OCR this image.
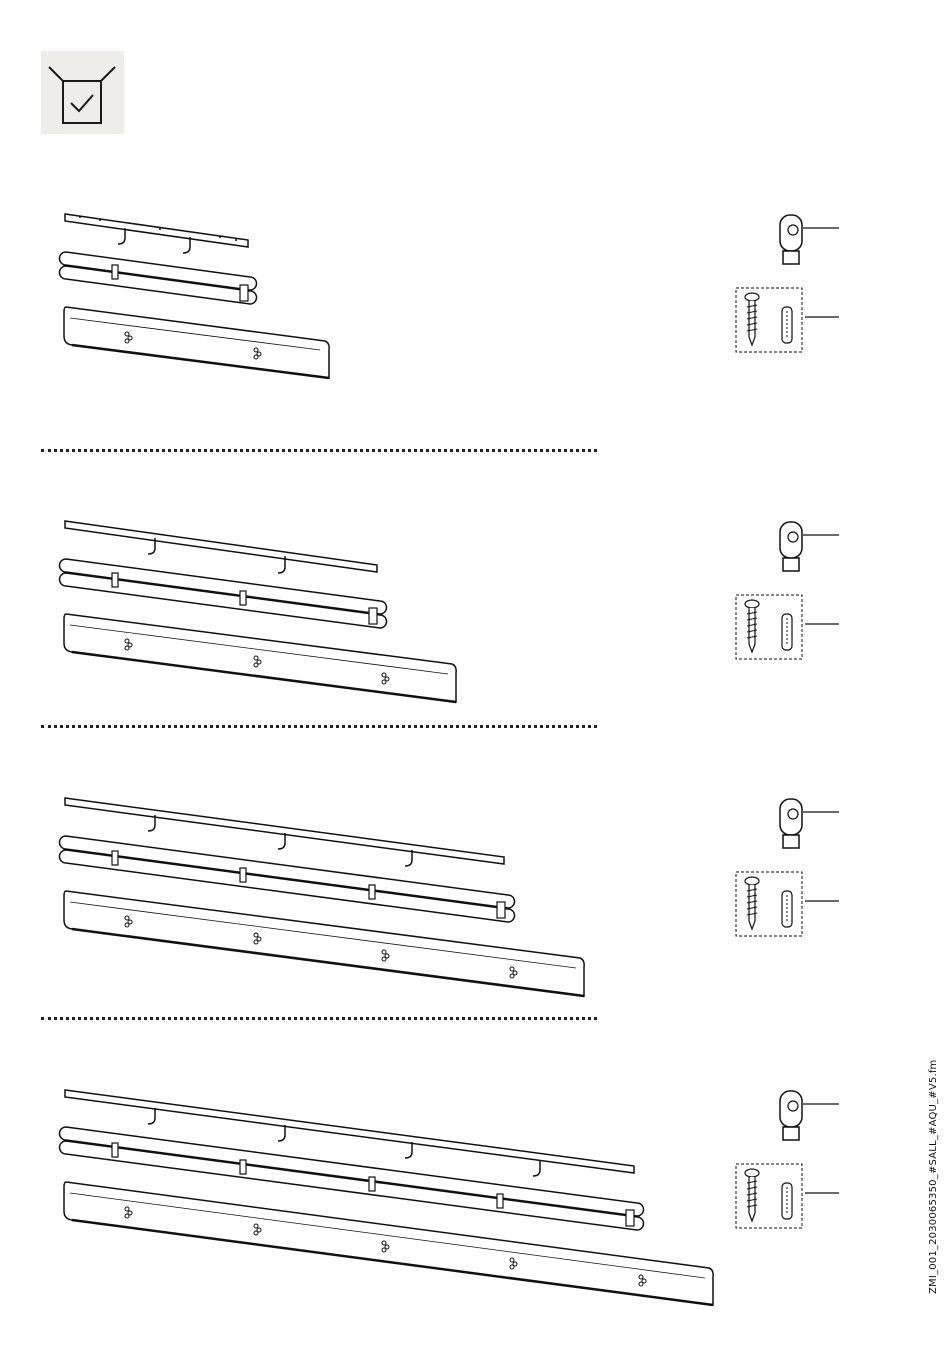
ZMI_001_2030065350_#SALL_#AQU_#V5.fm
